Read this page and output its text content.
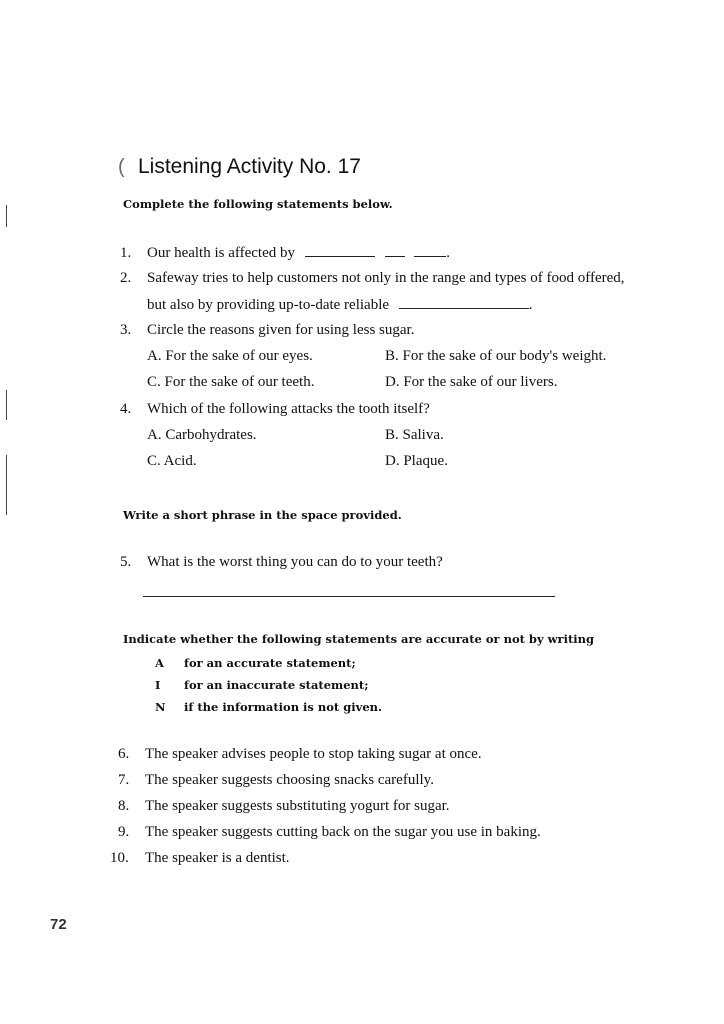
( Listening Activity No. 17
Complete the following statements below.
1. Our health is affected by	.
2. Safeway tries to help customers not only in the range and types of food offered,
but also by providing up-to-date reliable	.
3. Circle the reasons given for using less sugar.
A. For the sake of our eyes.	B. For the sake of our body's weight.
C. For the sake of our teeth.	D. For the sake of our livers.
4. Which of the following attacks the tooth itself?
A. Carbohydrates.	B. Saliva.
C. Acid.	D. Plaque.
Write a short phrase in the space provided.
5. What is the worst thing you can do to your teeth?
Indicate whether the following statements are accurate or not by writing
A for an accurate statement;
I for an inaccurate statement;
N if the information is not given.
6. The speaker advises people to stop taking sugar at once.
7. The speaker suggests choosing snacks carefully.
8. The speaker suggests substituting yogurt for sugar.
9. The speaker suggests cutting back on the sugar you use in baking.
10. The speaker is a dentist.
72
